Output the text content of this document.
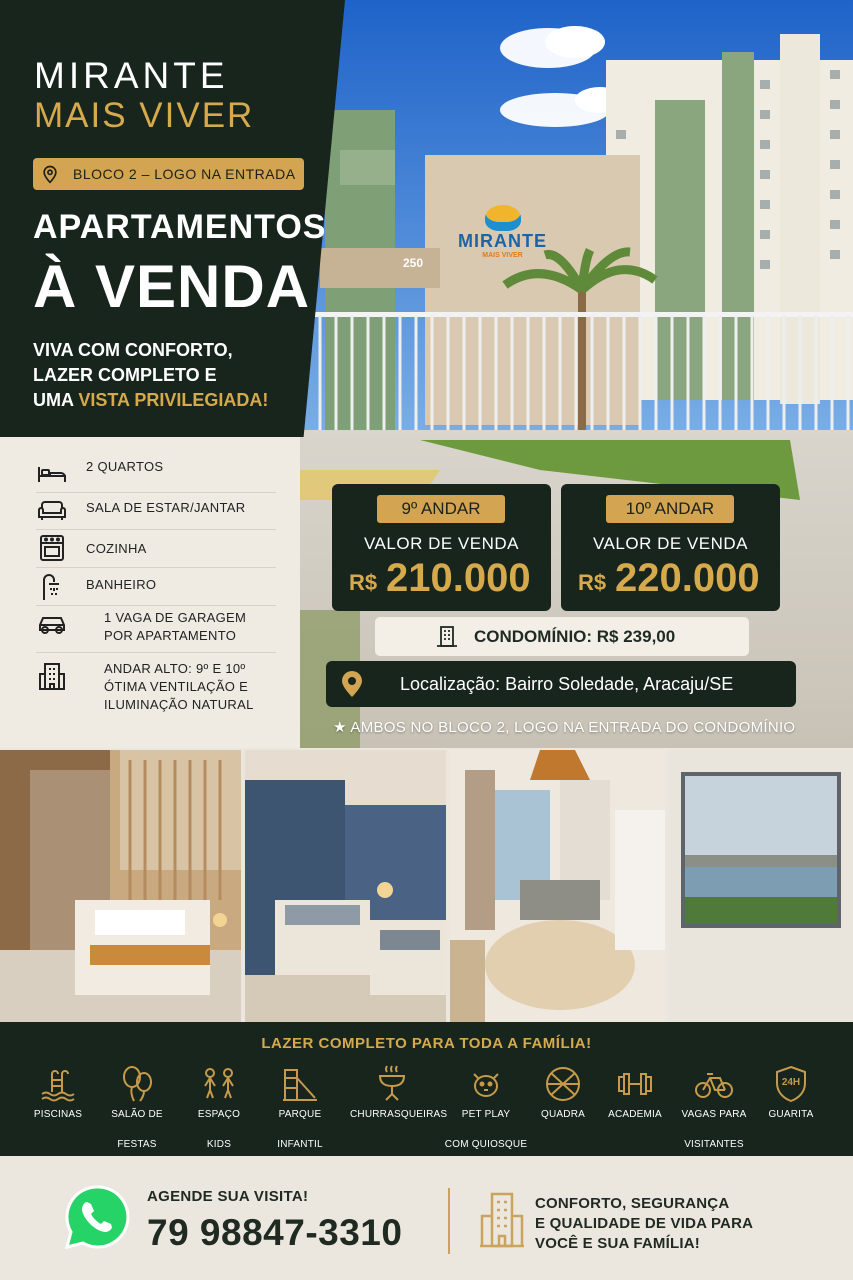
MIRANTE
MAIS VIVER
250
MIRANTE
MAIS VIVER
BLOCO 2 – LOGO NA ENTRADA
APARTAMENTOS
À VENDA
VIVA COM CONFORTO,
LAZER COMPLETO E
UMA VISTA PRIVILEGIADA!
2 QUARTOS
SALA DE ESTAR/JANTAR
COZINHA
BANHEIRO
1 VAGA DE GARAGEM
POR APARTAMENTO
ANDAR ALTO: 9º E 10º
ÓTIMA VENTILAÇÃO E
ILUMINAÇÃO NATURAL
9º ANDAR
VALOR DE VENDA
R$ 210.000
10º ANDAR
VALOR DE VENDA
R$ 220.000
CONDOMÍNIO: R$ 239,00
Localização: Bairro Soledade, Aracaju/SE
★ AMBOS NO BLOCO 2, LOGO NA ENTRADA DO CONDOMÍNIO
LAZER COMPLETO PARA TODA A FAMÍLIA!
PISCINAS	SALÃO DE

FESTAS
ESPAÇO

KIDS
PARQUE

INFANTIL
CHURRASQUEIRAS	PET PLAY

COM QUIOSQUE
QUADRA	ACADEMIA	VAGAS PARA

VISITANTES

24H
GUARITA
AGENDE SUA VISITA!
79 98847-3310
CONFORTO, SEGURANÇA
E QUALIDADE DE VIDA PARA
VOCÊ E SUA FAMÍLIA!
